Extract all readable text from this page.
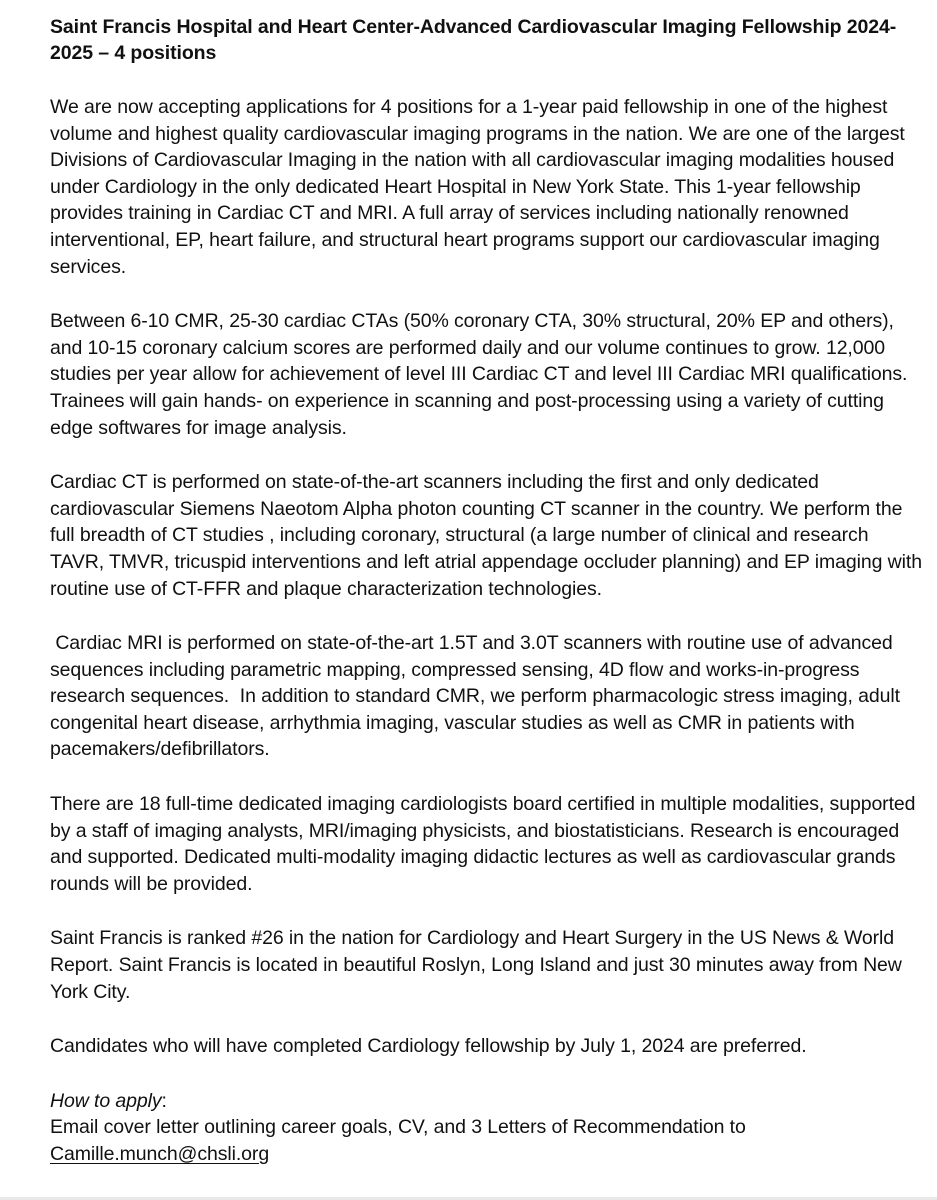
Saint Francis Hospital and Heart Center-Advanced Cardiovascular Imaging Fellowship 2024-2025 – 4 positions

We are now accepting applications for 4 positions for a 1-year paid fellowship in one of the highest volume and highest quality cardiovascular imaging programs in the nation. We are one of the largest Divisions of Cardiovascular Imaging in the nation with all cardiovascular imaging modalities housed under Cardiology in the only dedicated Heart Hospital in New York State. This 1-year fellowship provides training in Cardiac CT and MRI. A full array of services including nationally renowned interventional, EP, heart failure, and structural heart programs support our cardiovascular imaging services.

Between 6-10 CMR, 25-30 cardiac CTAs (50% coronary CTA, 30% structural, 20% EP and others), and 10-15 coronary calcium scores are performed daily and our volume continues to grow. 12,000 studies per year allow for achievement of level III Cardiac CT and level III Cardiac MRI qualifications. Trainees will gain hands- on experience in scanning and post-processing using a variety of cutting edge softwares for image analysis.

Cardiac CT is performed on state-of-the-art scanners including the first and only dedicated cardiovascular Siemens Naeotom Alpha photon counting CT scanner in the country. We perform the full breadth of CT studies , including coronary, structural (a large number of clinical and research TAVR, TMVR, tricuspid interventions and left atrial appendage occluder planning) and EP imaging with routine use of CT-FFR and plaque characterization technologies.

Cardiac MRI is performed on state-of-the-art 1.5T and 3.0T scanners with routine use of advanced sequences including parametric mapping, compressed sensing, 4D flow and works-in-progress research sequences.  In addition to standard CMR, we perform pharmacologic stress imaging, adult congenital heart disease, arrhythmia imaging, vascular studies as well as CMR in patients with pacemakers/defibrillators.

There are 18 full-time dedicated imaging cardiologists board certified in multiple modalities, supported by a staff of imaging analysts, MRI/imaging physicists, and biostatisticians. Research is encouraged and supported. Dedicated multi-modality imaging didactic lectures as well as cardiovascular grands rounds will be provided.

Saint Francis is ranked #26 in the nation for Cardiology and Heart Surgery in the US News & World Report. Saint Francis is located in beautiful Roslyn, Long Island and just 30 minutes away from New York City.

Candidates who will have completed Cardiology fellowship by July 1, 2024 are preferred.

How to apply:

Email cover letter outlining career goals, CV, and 3 Letters of Recommendation to

Camille.munch@chsli.org
